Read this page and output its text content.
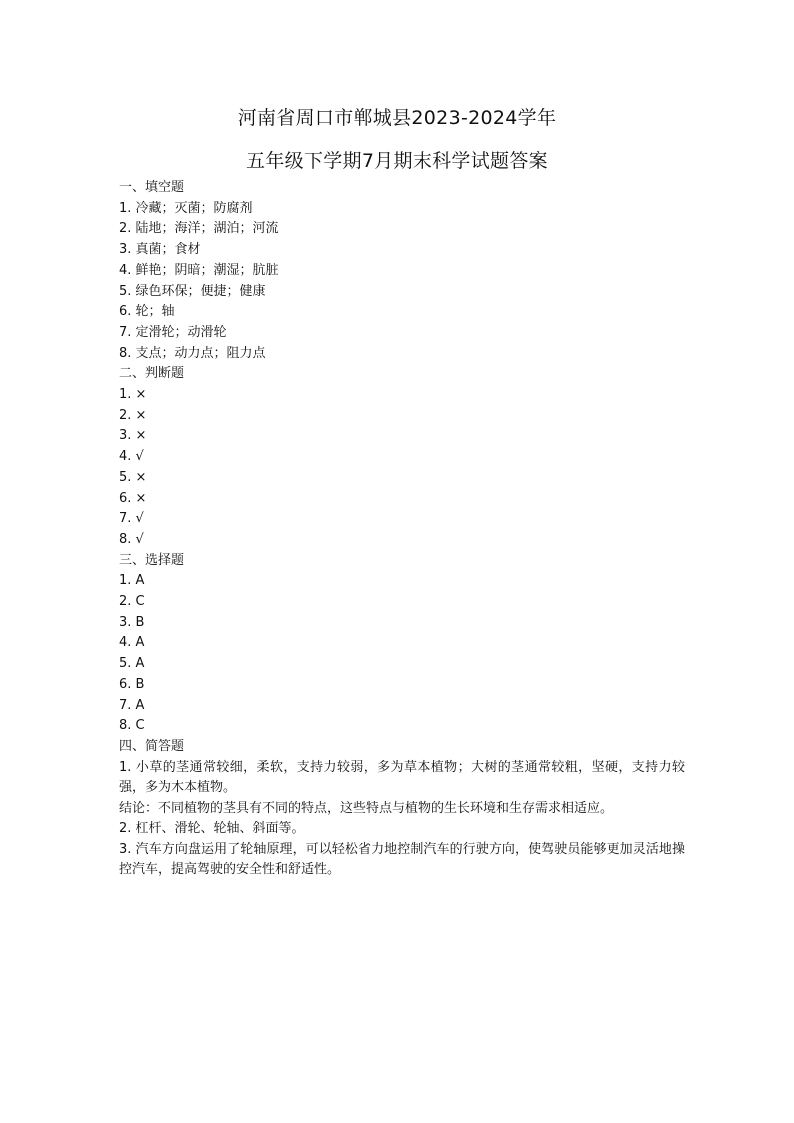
河南省周口市郸城县2023-2024学年
五年级下学期7月期末科学试题答案
一、填空题
1. 冷藏；灭菌；防腐剂
2. 陆地；海洋；湖泊；河流
3. 真菌；食材
4. 鲜艳；阴暗；潮湿；肮脏
5. 绿色环保；便捷；健康
6. 轮；轴
7. 定滑轮；动滑轮
8. 支点；动力点；阻力点
二、判断题
1. ×
2. ×
3. ×
4. √
5. ×
6. ×
7. √
8. √
三、选择题
1. A
2. C
3. B
4. A
5. A
6. B
7. A
8. C
四、简答题
1. 小草的茎通常较细，柔软，支持力较弱，多为草本植物；大树的茎通常较粗，坚硬，支持力较强，多为木本植物。
结论：不同植物的茎具有不同的特点，这些特点与植物的生长环境和生存需求相适应。
2. 杠杆、滑轮、轮轴、斜面等。
3. 汽车方向盘运用了轮轴原理，可以轻松省力地控制汽车的行驶方向，使驾驶员能够更加灵活地操控汽车，提高驾驶的安全性和舒适性。
